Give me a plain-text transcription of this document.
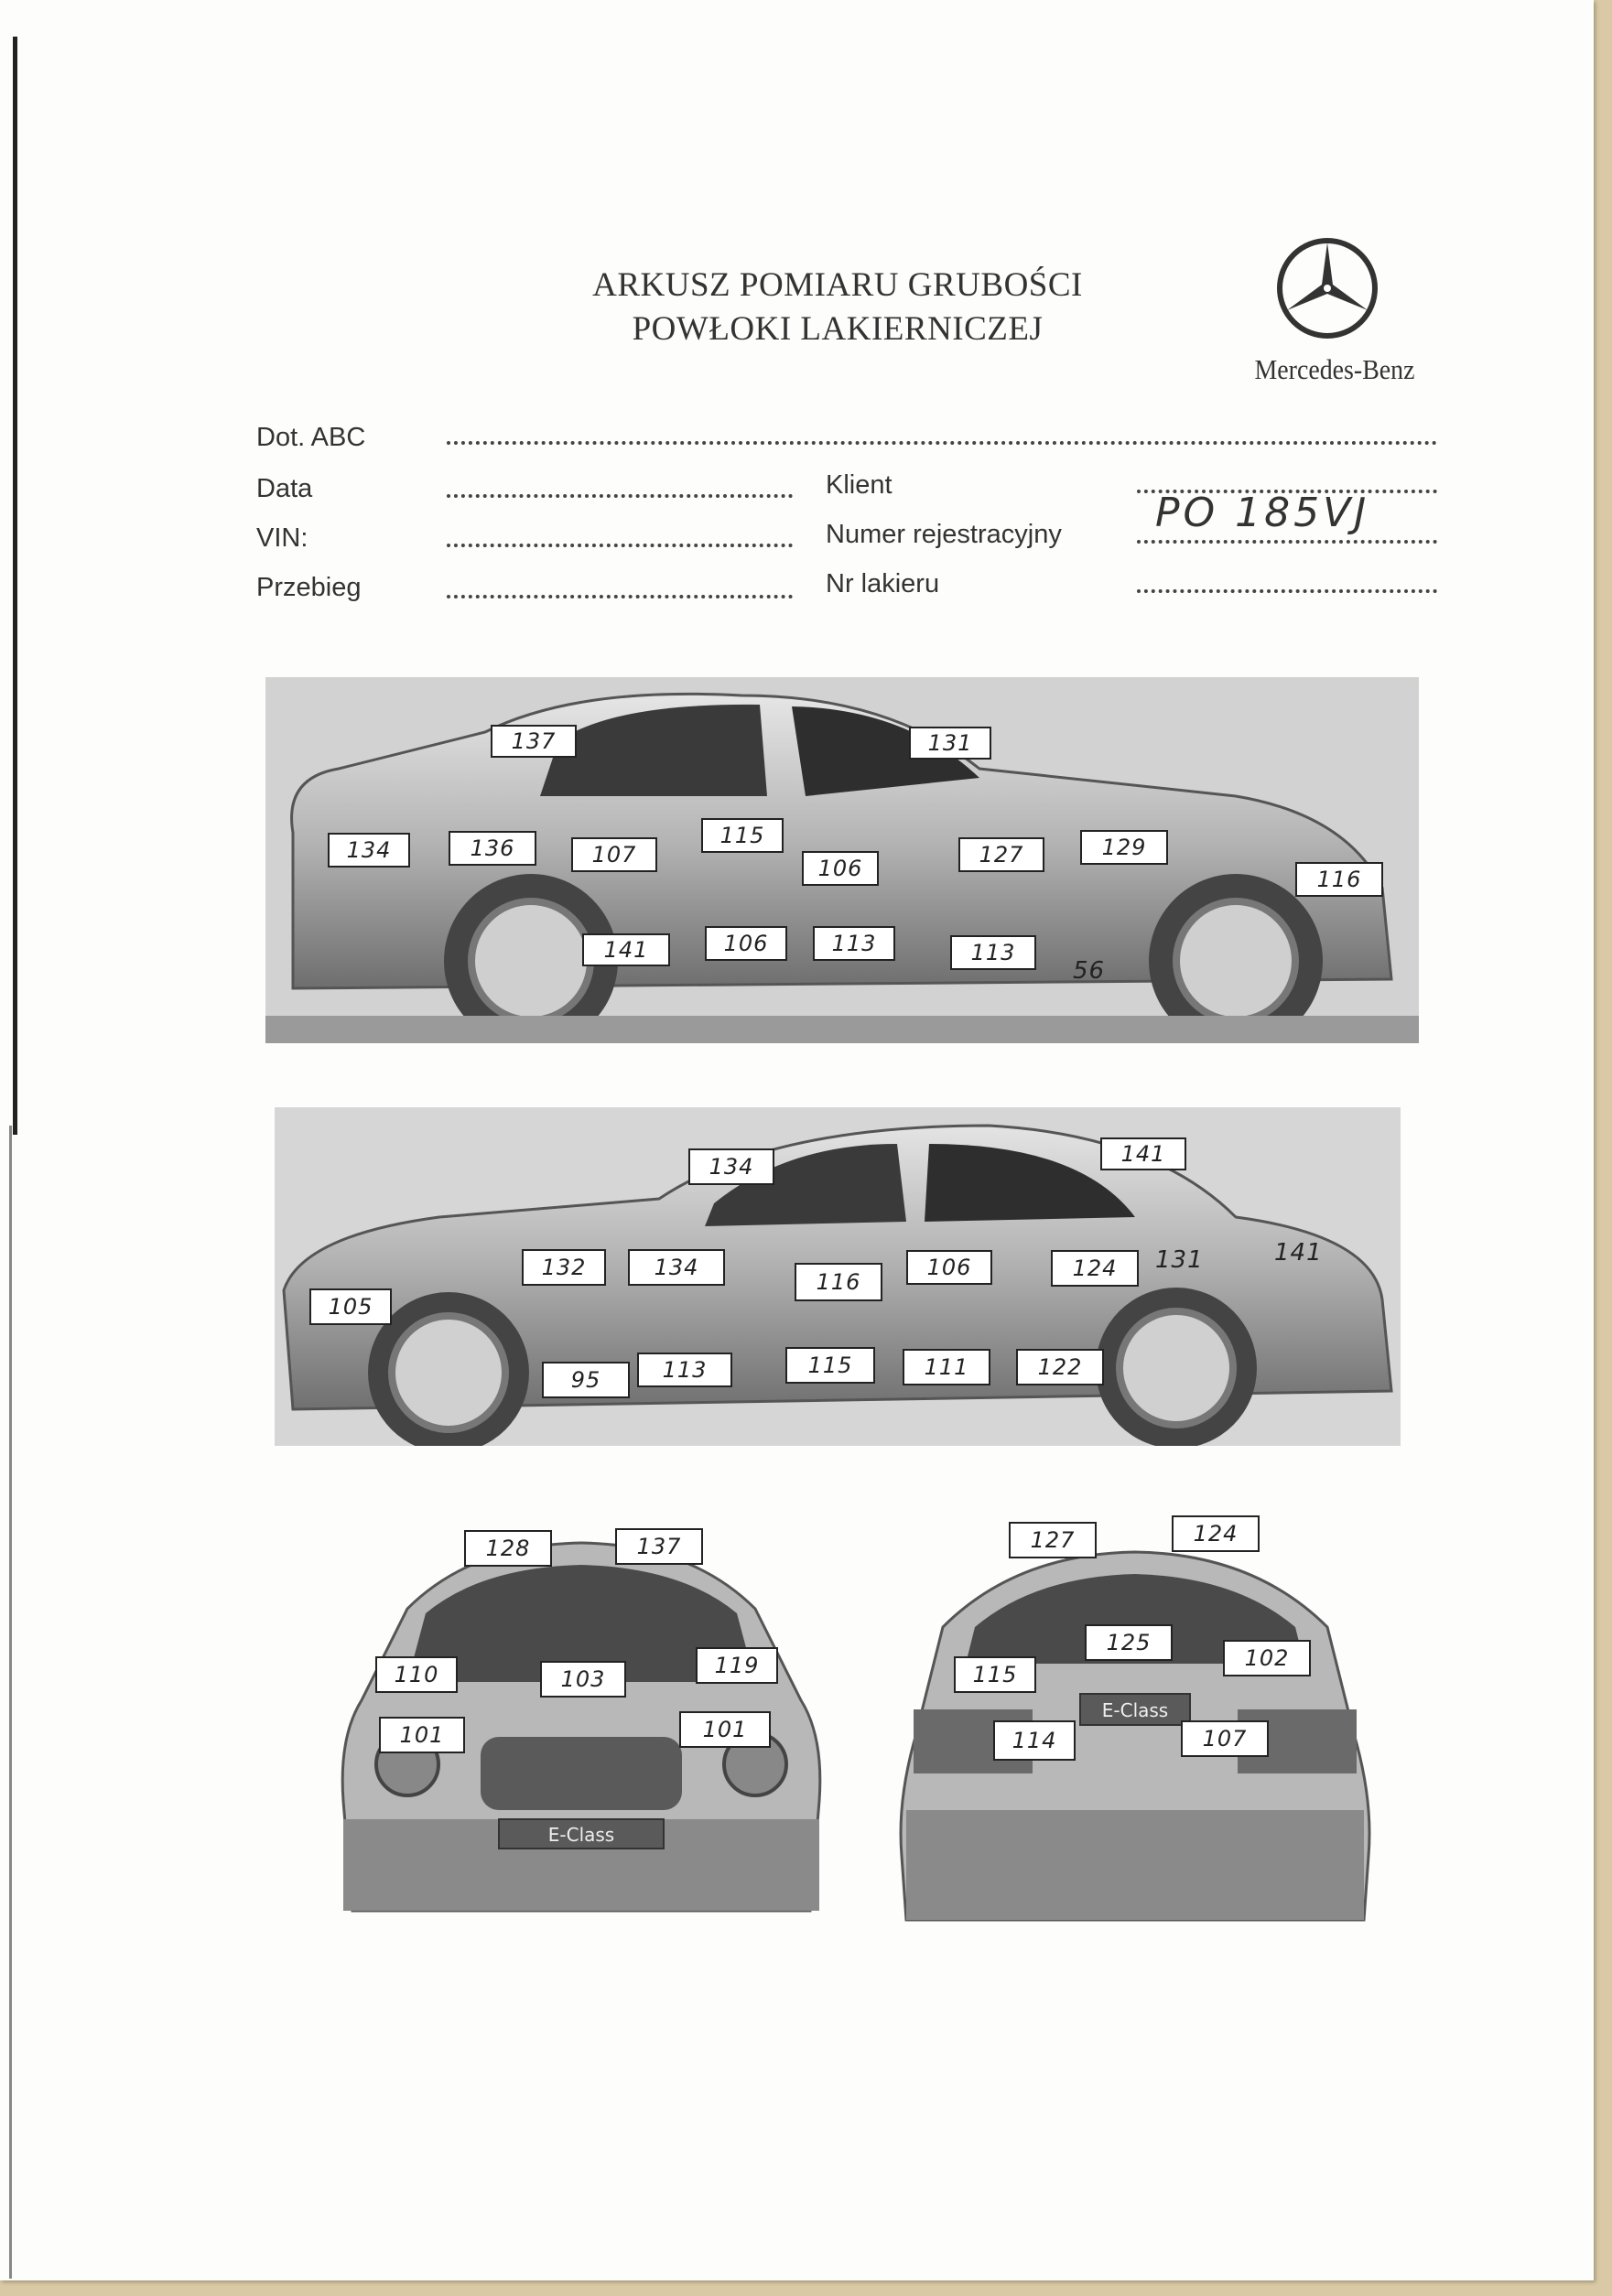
ARKUSZ POMIARU GRUBOŚCI
POWŁOKI LAKIERNICZEJ
Mercedes-Benz
Dot. ABC
Data	Klient
VIN:	Numer rejestracyjny PO 185VJ
Przebieg	Nr lakieru
137	131
134	136	107
115
106
127	129
116
141	106	113	113
56
134	141
132	134
116
106	124	131	141
105
95	113	115	111	122
E-Class
128	137
110	103
119
101	101
E-Class
127	124
125
115
102
114	107
